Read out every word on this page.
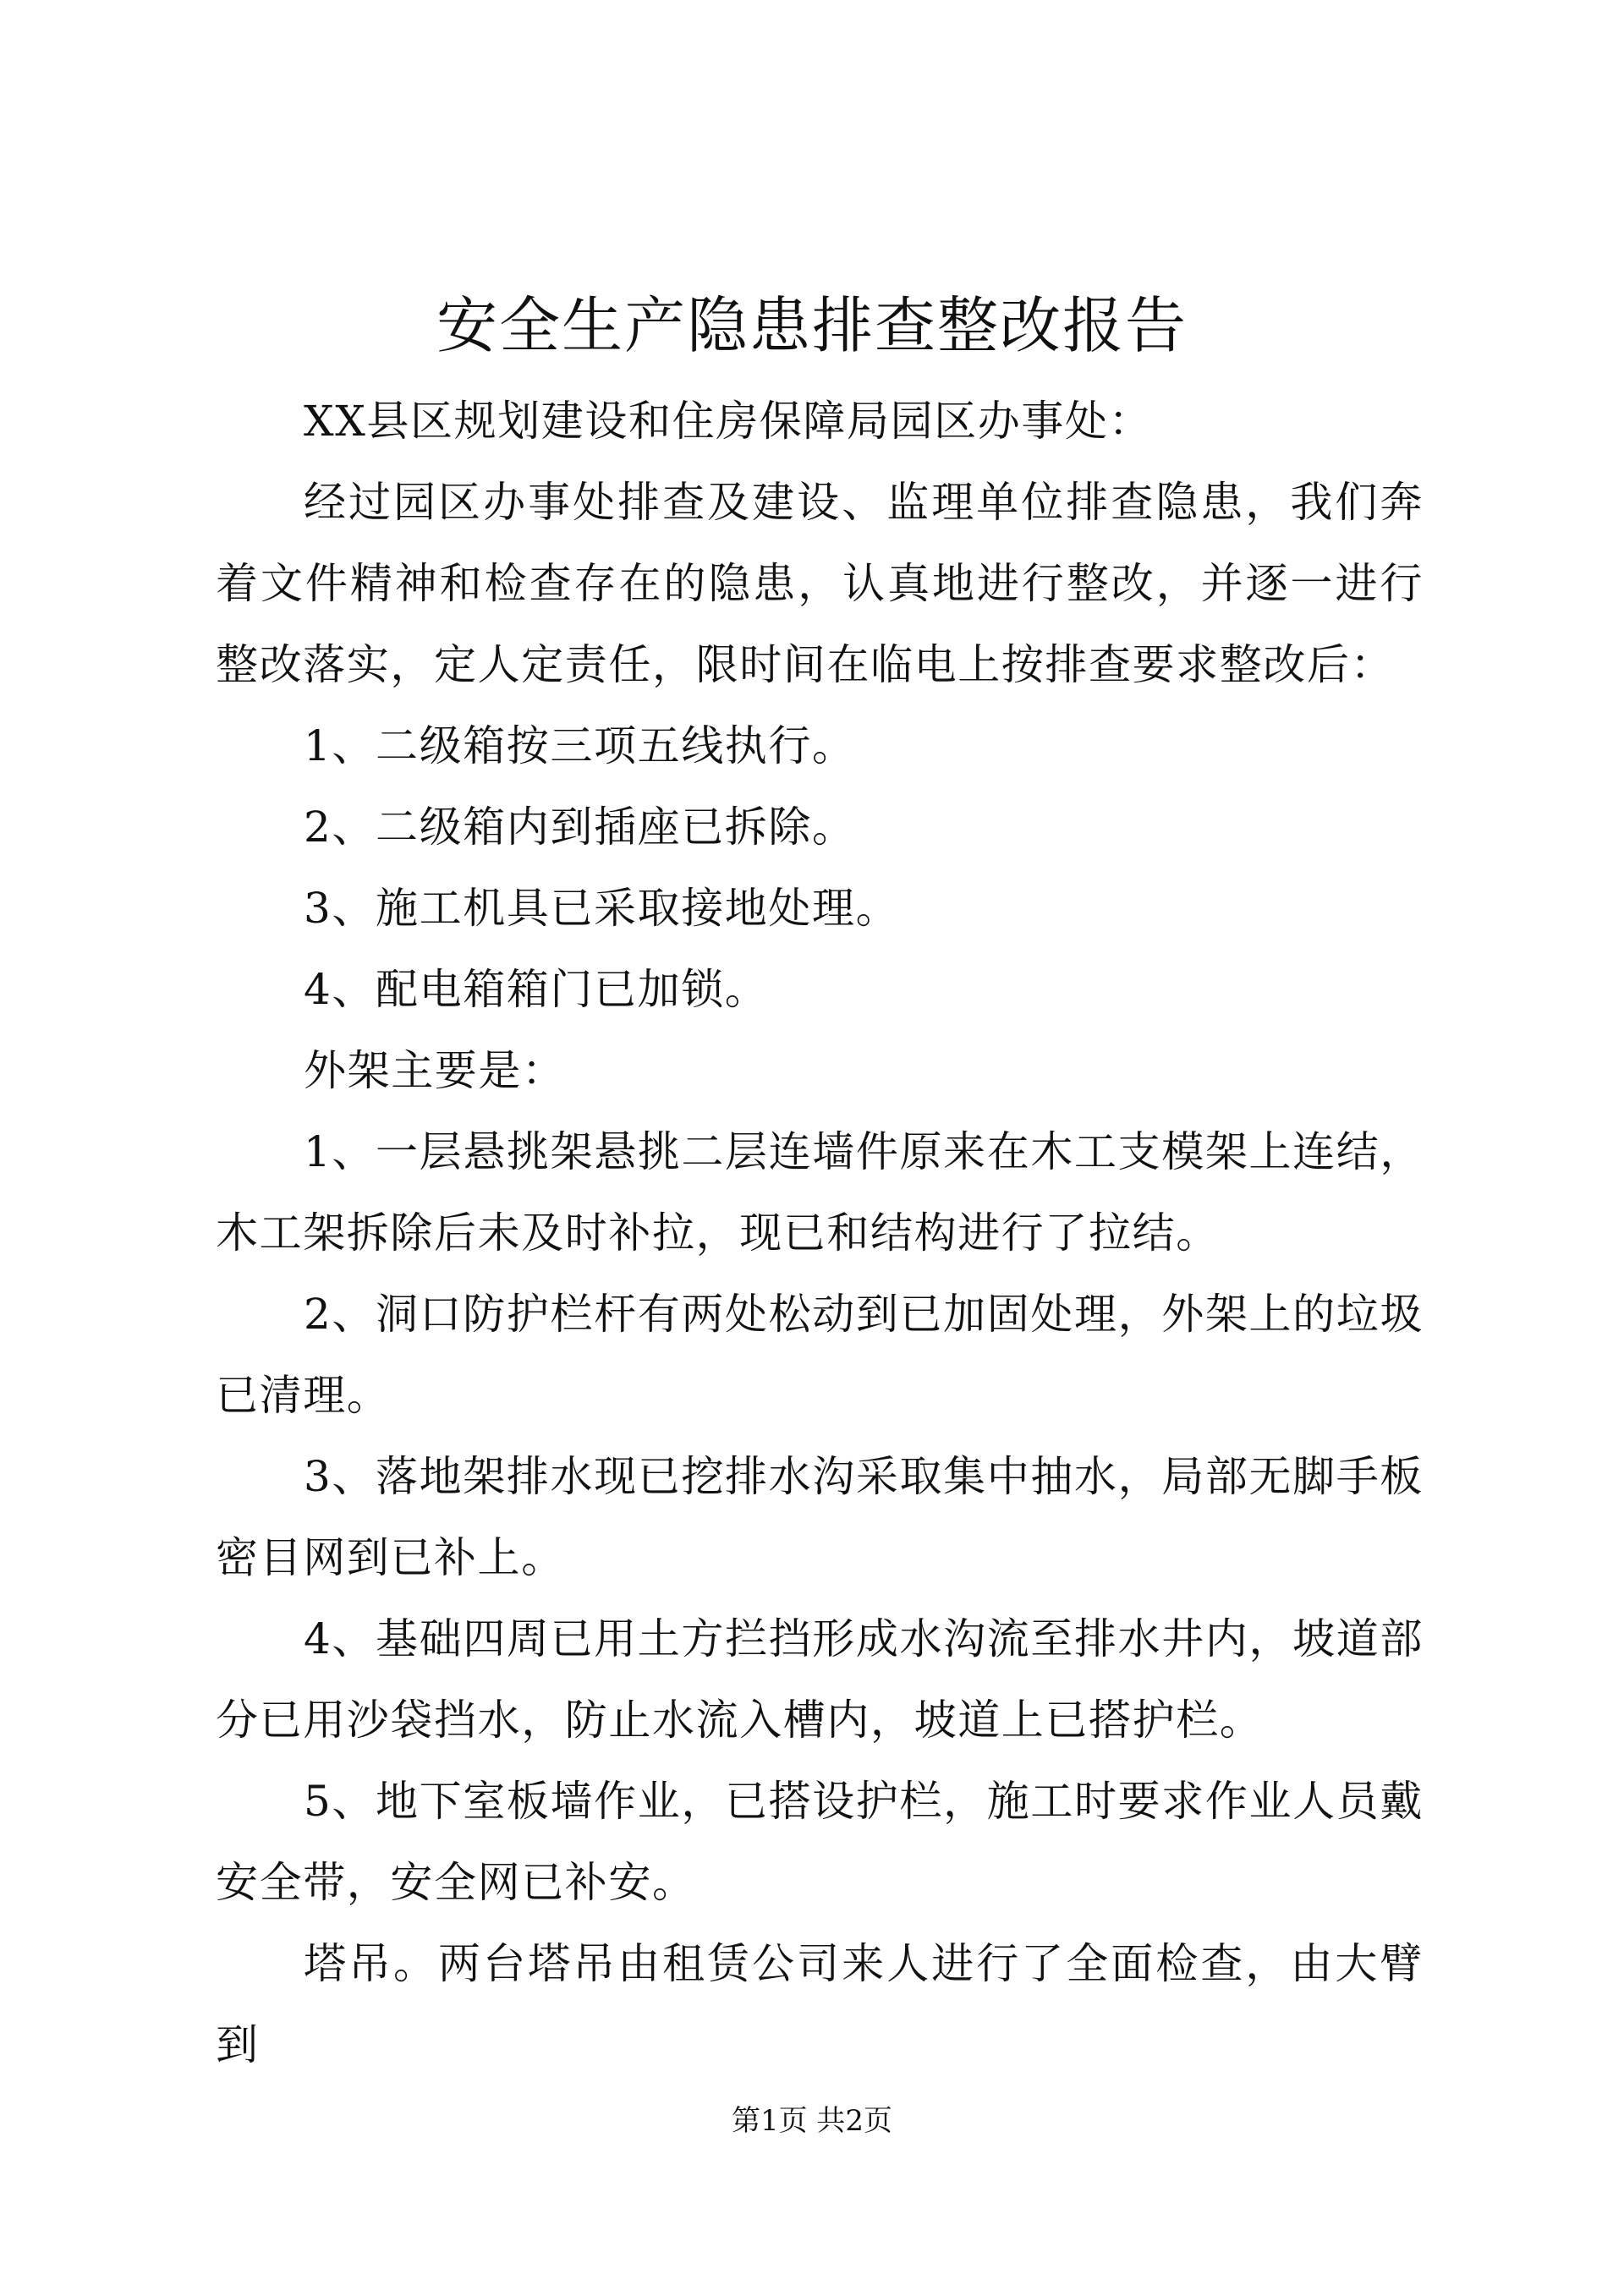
安全生产隐患排查整改报告

XX县区规划建设和住房保障局园区办事处：

经过园区办事处排查及建设、监理单位排查隐患，我们奔着文件精神和检查存在的隐患，认真地进行整改，并逐一进行整改落实，定人定责任，限时间在临电上按排查要求整改后：

1、二级箱按三项五线执行。

2、二级箱内到插座已拆除。

3、施工机具已采取接地处理。

4、配电箱箱门已加锁。

外架主要是：

1、一层悬挑架悬挑二层连墙件原来在木工支模架上连结，木工架拆除后未及时补拉，现已和结构进行了拉结。

2、洞口防护栏杆有两处松动到已加固处理，外架上的垃圾已清理。

3、落地架排水现已挖排水沟采取集中抽水，局部无脚手板密目网到已补上。

4、基础四周已用土方拦挡形成水沟流至排水井内，坡道部分已用沙袋挡水，防止水流入槽内，坡道上已搭护栏。

5、地下室板墙作业，已搭设护栏，施工时要求作业人员戴安全带，安全网已补安。

塔吊。两台塔吊由租赁公司来人进行了全面检查，由大臂到

第1页 共2页
